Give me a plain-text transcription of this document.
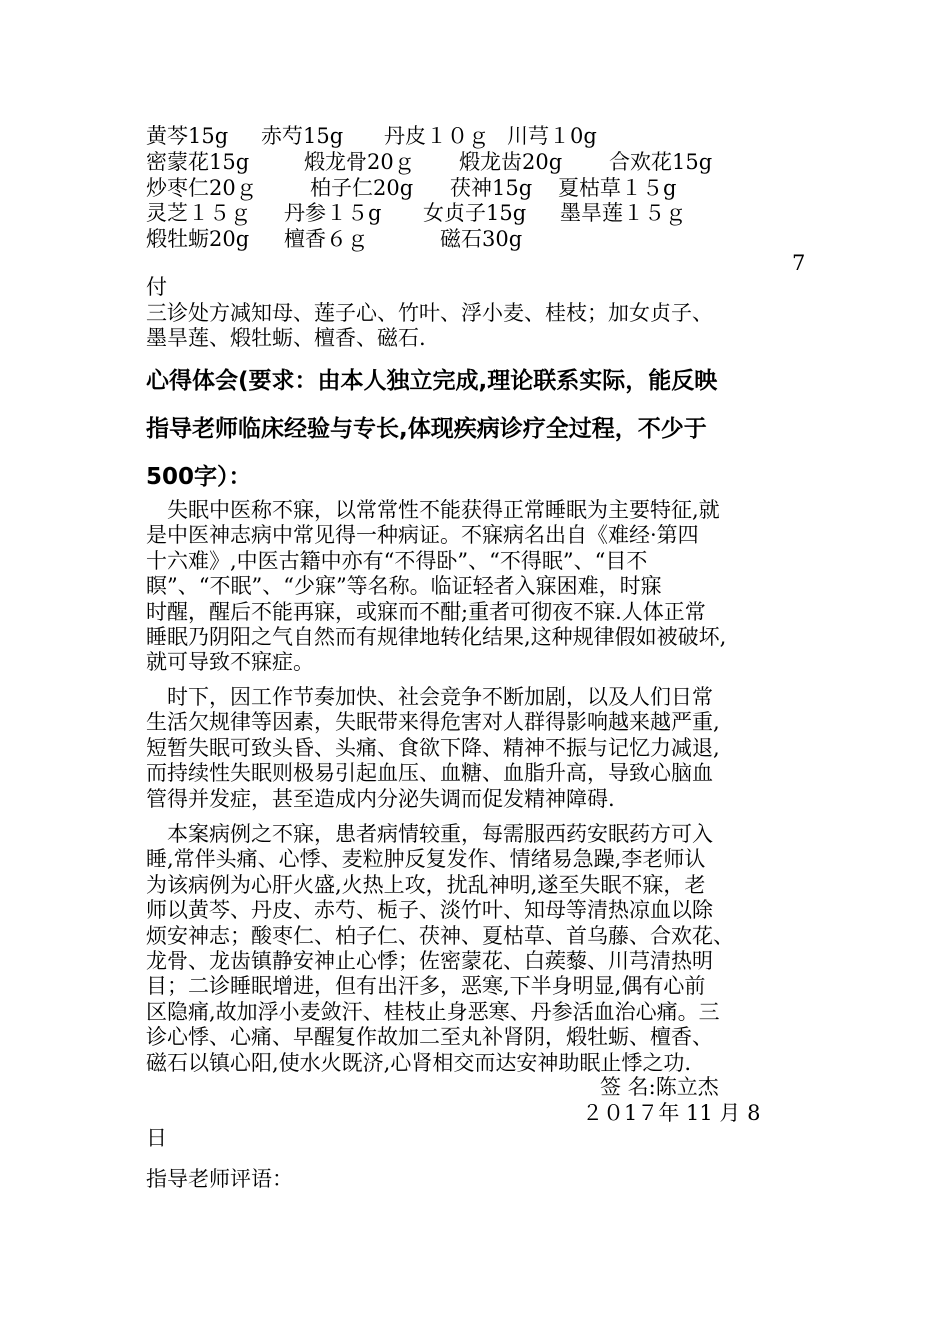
黄芩15g 赤芍15g 丹皮１０ｇ 川芎１0g
密蒙花15g	煅龙骨20ｇ 煅龙齿20g 合欢花15g
炒枣仁20ｇ	柏子仁20g 茯神15g 夏枯草１５g
灵芝１５ｇ 丹参１５g 女贞子15g 墨旱莲１５ｇ
煅牡蛎20g 檀香６ｇ	磁石30g
7
付
三诊处方减知母、莲子心、竹叶、浮小麦、桂枝；加女贞子、
墨旱莲、煅牡蛎、檀香、磁石.
心得体会(要求：由本人独立完成,理论联系实际，能反映
指导老师临床经验与专长,体现疾病诊疗全过程，不少于
500字）：
　失眠中医称不寐，以常常性不能获得正常睡眠为主要特征,就
是中医神志病中常见得一种病证。不寐病名出自《难经·第四
十六难》,中医古籍中亦有“不得卧”、“不得眠”、“目不
瞑”、“不眠”、“少寐”等名称。临证轻者入寐困难，时寐
时醒，醒后不能再寐，或寐而不酣;重者可彻夜不寐.人体正常
睡眠乃阴阳之气自然而有规律地转化结果,这种规律假如被破坏,
就可导致不寐症。
　时下，因工作节奏加快、社会竞争不断加剧，以及人们日常
生活欠规律等因素，失眠带来得危害对人群得影响越来越严重,
短暂失眠可致头昏、头痛、食欲下降、精神不振与记忆力减退,
而持续性失眠则极易引起血压、血糖、血脂升高，导致心脑血
管得并发症，甚至造成内分泌失调而促发精神障碍.
　本案病例之不寐，患者病情较重，每需服西药安眠药方可入
睡,常伴头痛、心悸、麦粒肿反复发作、情绪易急躁,李老师认
为该病例为心肝火盛,火热上攻，扰乱神明,遂至失眠不寐，老
师以黄芩、丹皮、赤芍、栀子、淡竹叶、知母等清热凉血以除
烦安神志；酸枣仁、柏子仁、茯神、夏枯草、首乌藤、合欢花、
龙骨、龙齿镇静安神止心悸；佐密蒙花、白蒺藜、川芎清热明
目；二诊睡眠增进，但有出汗多，恶寒,下半身明显,偶有心前
区隐痛,故加浮小麦敛汗、桂枝止身恶寒、丹参活血治心痛。三
诊心悸、心痛、早醒复作故加二至丸补肾阴，煅牡蛎、檀香、
磁石以镇心阳,使水火既济,心肾相交而达安神助眠止悸之功.
签 名:陈立杰
２０1７年 11 月 8
日
指导老师评语：
